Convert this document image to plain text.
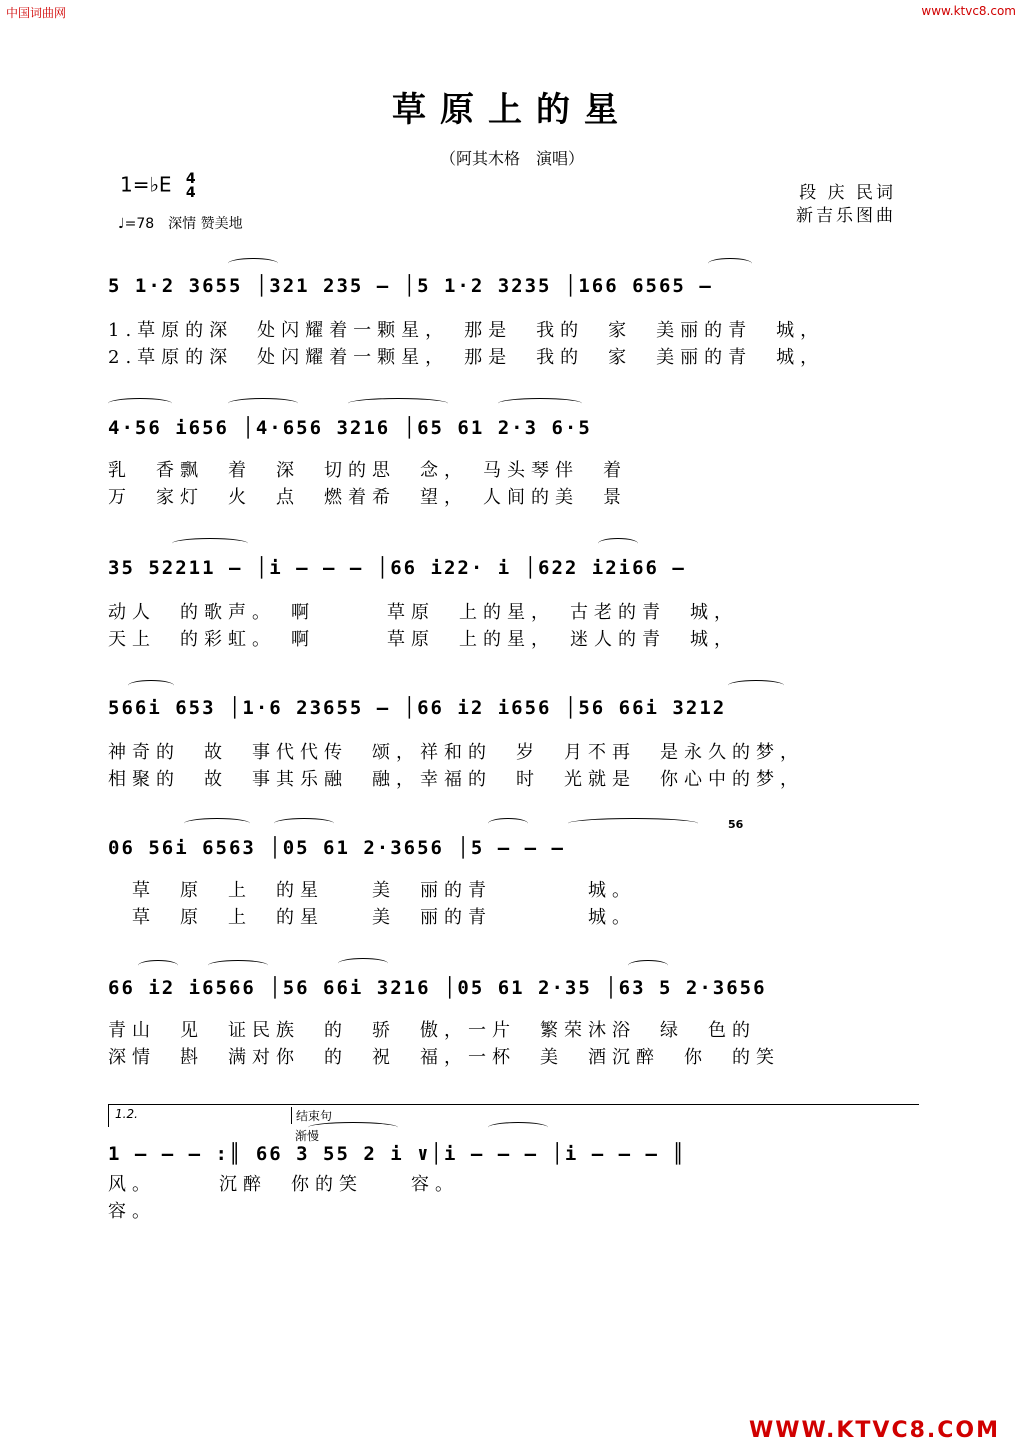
中国词曲网	www.ktvc8.com
草原上的星
（阿其木格　演唱）
1=♭E 4
4
♩=78　深情 赞美地
段 庆 民词
新吉乐图曲
5 1·2 3655 │321 235 – │5 1·2 3235 │166 6565 –
1.草原的深　处闪耀着一颗星，　那是　我的　家　美丽的青　城，
2.草原的深　处闪耀着一颗星，　那是　我的　家　美丽的青　城，
4·56 i656 │4·656 3216 │65 61 2·3 6·5
乳　香飘　着　深　切的思　念，　马头琴伴　着
万　家灯　火　点　燃着希　望，　人间的美　景
35 52211 – │i – – – │66 i22· i │622 i2i66 –
动人　的歌声。　啊　　　草原　上的星，　古老的青　城，
天上　的彩虹。　啊　　　草原　上的星，　迷人的青　城，
566i 653 │1·6 23655 – │66 i2 i656 │56 66i 3212
神奇的　故　事代代传　颂，祥和的　岁　月不再　是永久的梦，
相聚的　故　事其乐融　融，幸福的　时　光就是　你心中的梦，
06 56i 6563 │05 61 2·3656 │5 – – –
56
　草　原　上　的星　　美　丽的青　　　　城。
　草　原　上　的星　　美　丽的青　　　　城。
66 i2 i6566 │56 66i 3216 │05 61 2·35 │63 5 2·3656
青山　见　证民族　的　骄　傲，一片　繁荣沐浴　绿　色的
深情　斟　满对你　的　祝　福，一杯　美　酒沉醉　你　的笑
1.2.	结束句
渐慢
1 – – – :║ 66 3 55 2 i ∨│i – – – │i – – – ║
风。　　　沉醉　你的笑　　容。
容。
WWW.KTVC8.COM
